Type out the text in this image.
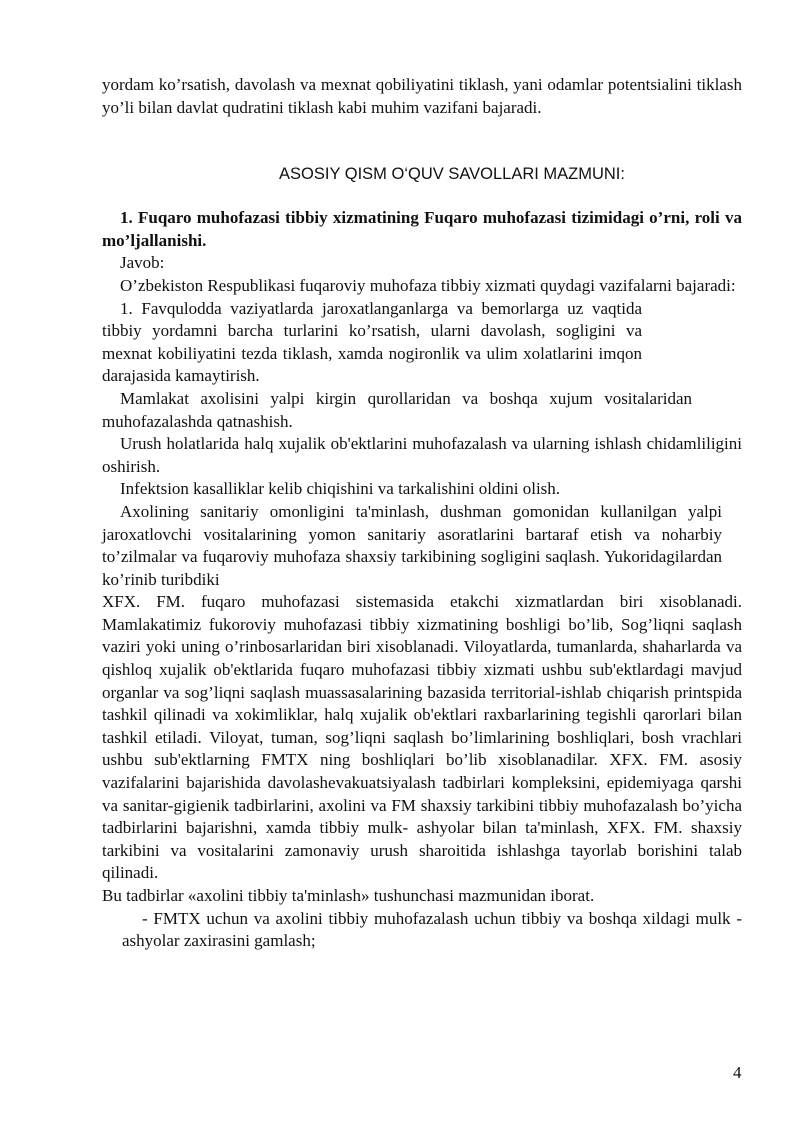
yordam ko’rsatish, davolash va mexnat qobiliyatini tiklash, yani odamlar potentsialini tiklash yo’li bilan davlat qudratini tiklash kabi muhim vazifani bajaradi.

ASOSIY QISM O‘QUV SAVOLLARI MAZMUNI:

1. Fuqaro muhofazasi tibbiy xizmatining Fuqaro muhofazasi tizimidagi o’rni, roli va mo’ljallanishi.

Javob:

O’zbekiston Respublikasi fuqaroviy muhofaza tibbiy xizmati quydagi vazifalarni bajaradi:

1. Favqulodda vaziyatlarda jaroxatlanganlarga va bemorlarga uz vaqtida tibbiy yordamni barcha turlarini ko’rsatish, ularni davolash, sogligini va mexnat kobiliyatini tezda tiklash, xamda nogironlik va ulim xolatlarini imqon darajasida kamaytirish.

Mamlakat axolisini yalpi kirgin qurollaridan va boshqa xujum vositalaridan muhofazalashda qatnashish.

Urush holatlarida halq xujalik ob'ektlarini muhofazalash va ularning ishlash chidamliligini oshirish.

Infektsion kasalliklar kelib chiqishini va tarkalishini oldini olish.

Axolining sanitariy omonligini ta'minlash, dushman gomonidan kullanilgan yalpi jaroxatlovchi vositalarining yomon sanitariy asoratlarini bartaraf etish va noharbiy to’zilmalar va fuqaroviy muhofaza shaxsiy tarkibining sogligini saqlash. Yukoridagilardan ko’rinib turibdiki

XFX. FM. fuqaro muhofazasi sistemasida etakchi xizmatlardan biri xisoblanadi. Mamlakatimiz fukoroviy muhofazasi tibbiy xizmatining boshligi bo’lib, Sog’liqni saqlash vaziri yoki uning o’rinbosarlaridan biri xisoblanadi. Viloyatlarda, tumanlarda, shaharlarda va qishloq xujalik ob'ektlarida fuqaro muhofazasi tibbiy xizmati ushbu sub'ektlardagi mavjud organlar va sog’liqni saqlash muassasalarining bazasida territorial-ishlab chiqarish printspida tashkil qilinadi va xokimliklar, halq xujalik ob'ektlari raxbarlarining tegishli qarorlari bilan tashkil etiladi. Viloyat, tuman, sog’liqni saqlash bo’limlarining boshliqlari, bosh vrachlari ushbu sub'ektlarning FMTX ning boshliqlari bo’lib xisoblanadilar. XFX. FM. asosiy vazifalarini bajarishida davolashevakuatsiyalash tadbirlari kompleksini, epidemiyaga qarshi va sanitar-gigienik tadbirlarini, axolini va FM shaxsiy tarkibini tibbiy muhofazalash bo’yicha tadbirlarini bajarishni, xamda tibbiy mulk- ashyolar bilan ta'minlash, XFX. FM. shaxsiy tarkibini va vositalarini zamonaviy urush sharoitida ishlashga tayorlab borishini talab qilinadi.

Bu tadbirlar «axolini tibbiy ta'minlash» tushunchasi mazmunidan iborat.

- FMTX uchun va axolini tibbiy muhofazalash uchun tibbiy va boshqa xildagi mulk - ashyolar zaxirasini gamlash;

4
